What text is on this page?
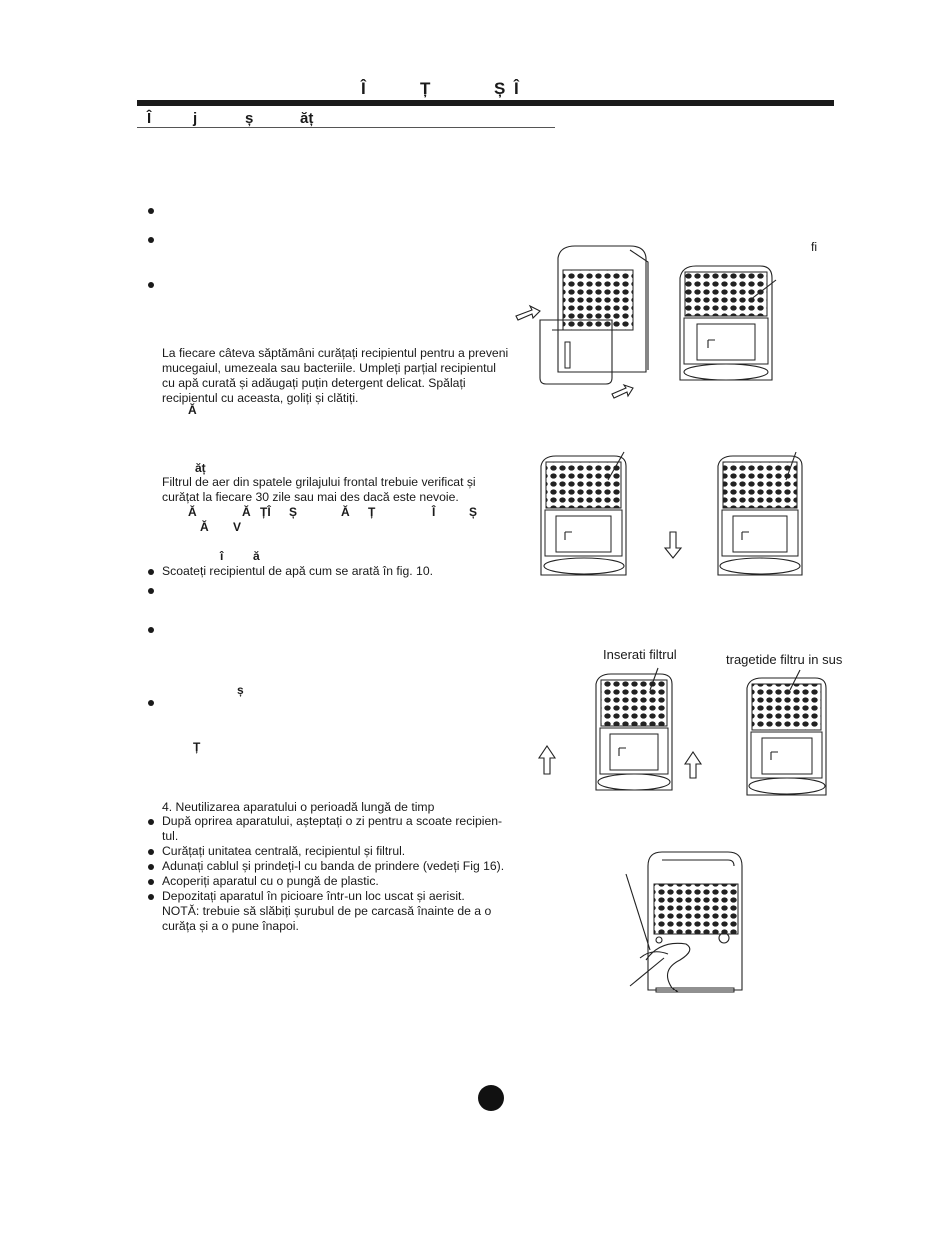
Î	Ț	Ș Î
Î	j	ș	ăț
fi
La fiecare câteva săptămâni curățați recipientul pentru a preveni
mucegaiul, umezeala sau bacteriile. Umpleți parțial recipientul
cu apă curată și adăugați puțin detergent delicat. Spălați
recipientul cu aceasta, goliți și clătiți.
Ă
ăț
Filtrul de aer din spatele grilajului frontal trebuie verificat și
curățat la fiecare 30 zile sau mai des dacă este nevoie.
Ă	Ă ȚÎ Ș	Ă Ț	Î	Ș
Ă V
î ă
Scoateți recipientul de apă cum se arată în fig. 10.
ș
Ț
4. Neutilizarea aparatului o perioadă lungă de timp
După oprirea aparatului, așteptați o zi pentru a scoate recipien-
tul.
Curățați unitatea centrală, recipientul și filtrul.
Adunați cablul și prindeți-l cu banda de prindere (vedeți Fig 16).
Acoperiți aparatul cu o pungă de plastic.
Depozitați aparatul în picioare într-un loc uscat și aerisit.
NOTĂ: trebuie să slăbiți șurubul de pe carcasă înainte de a o
curăța și a o pune înapoi.
Inserati filtrul	tragetide filtru in sus
